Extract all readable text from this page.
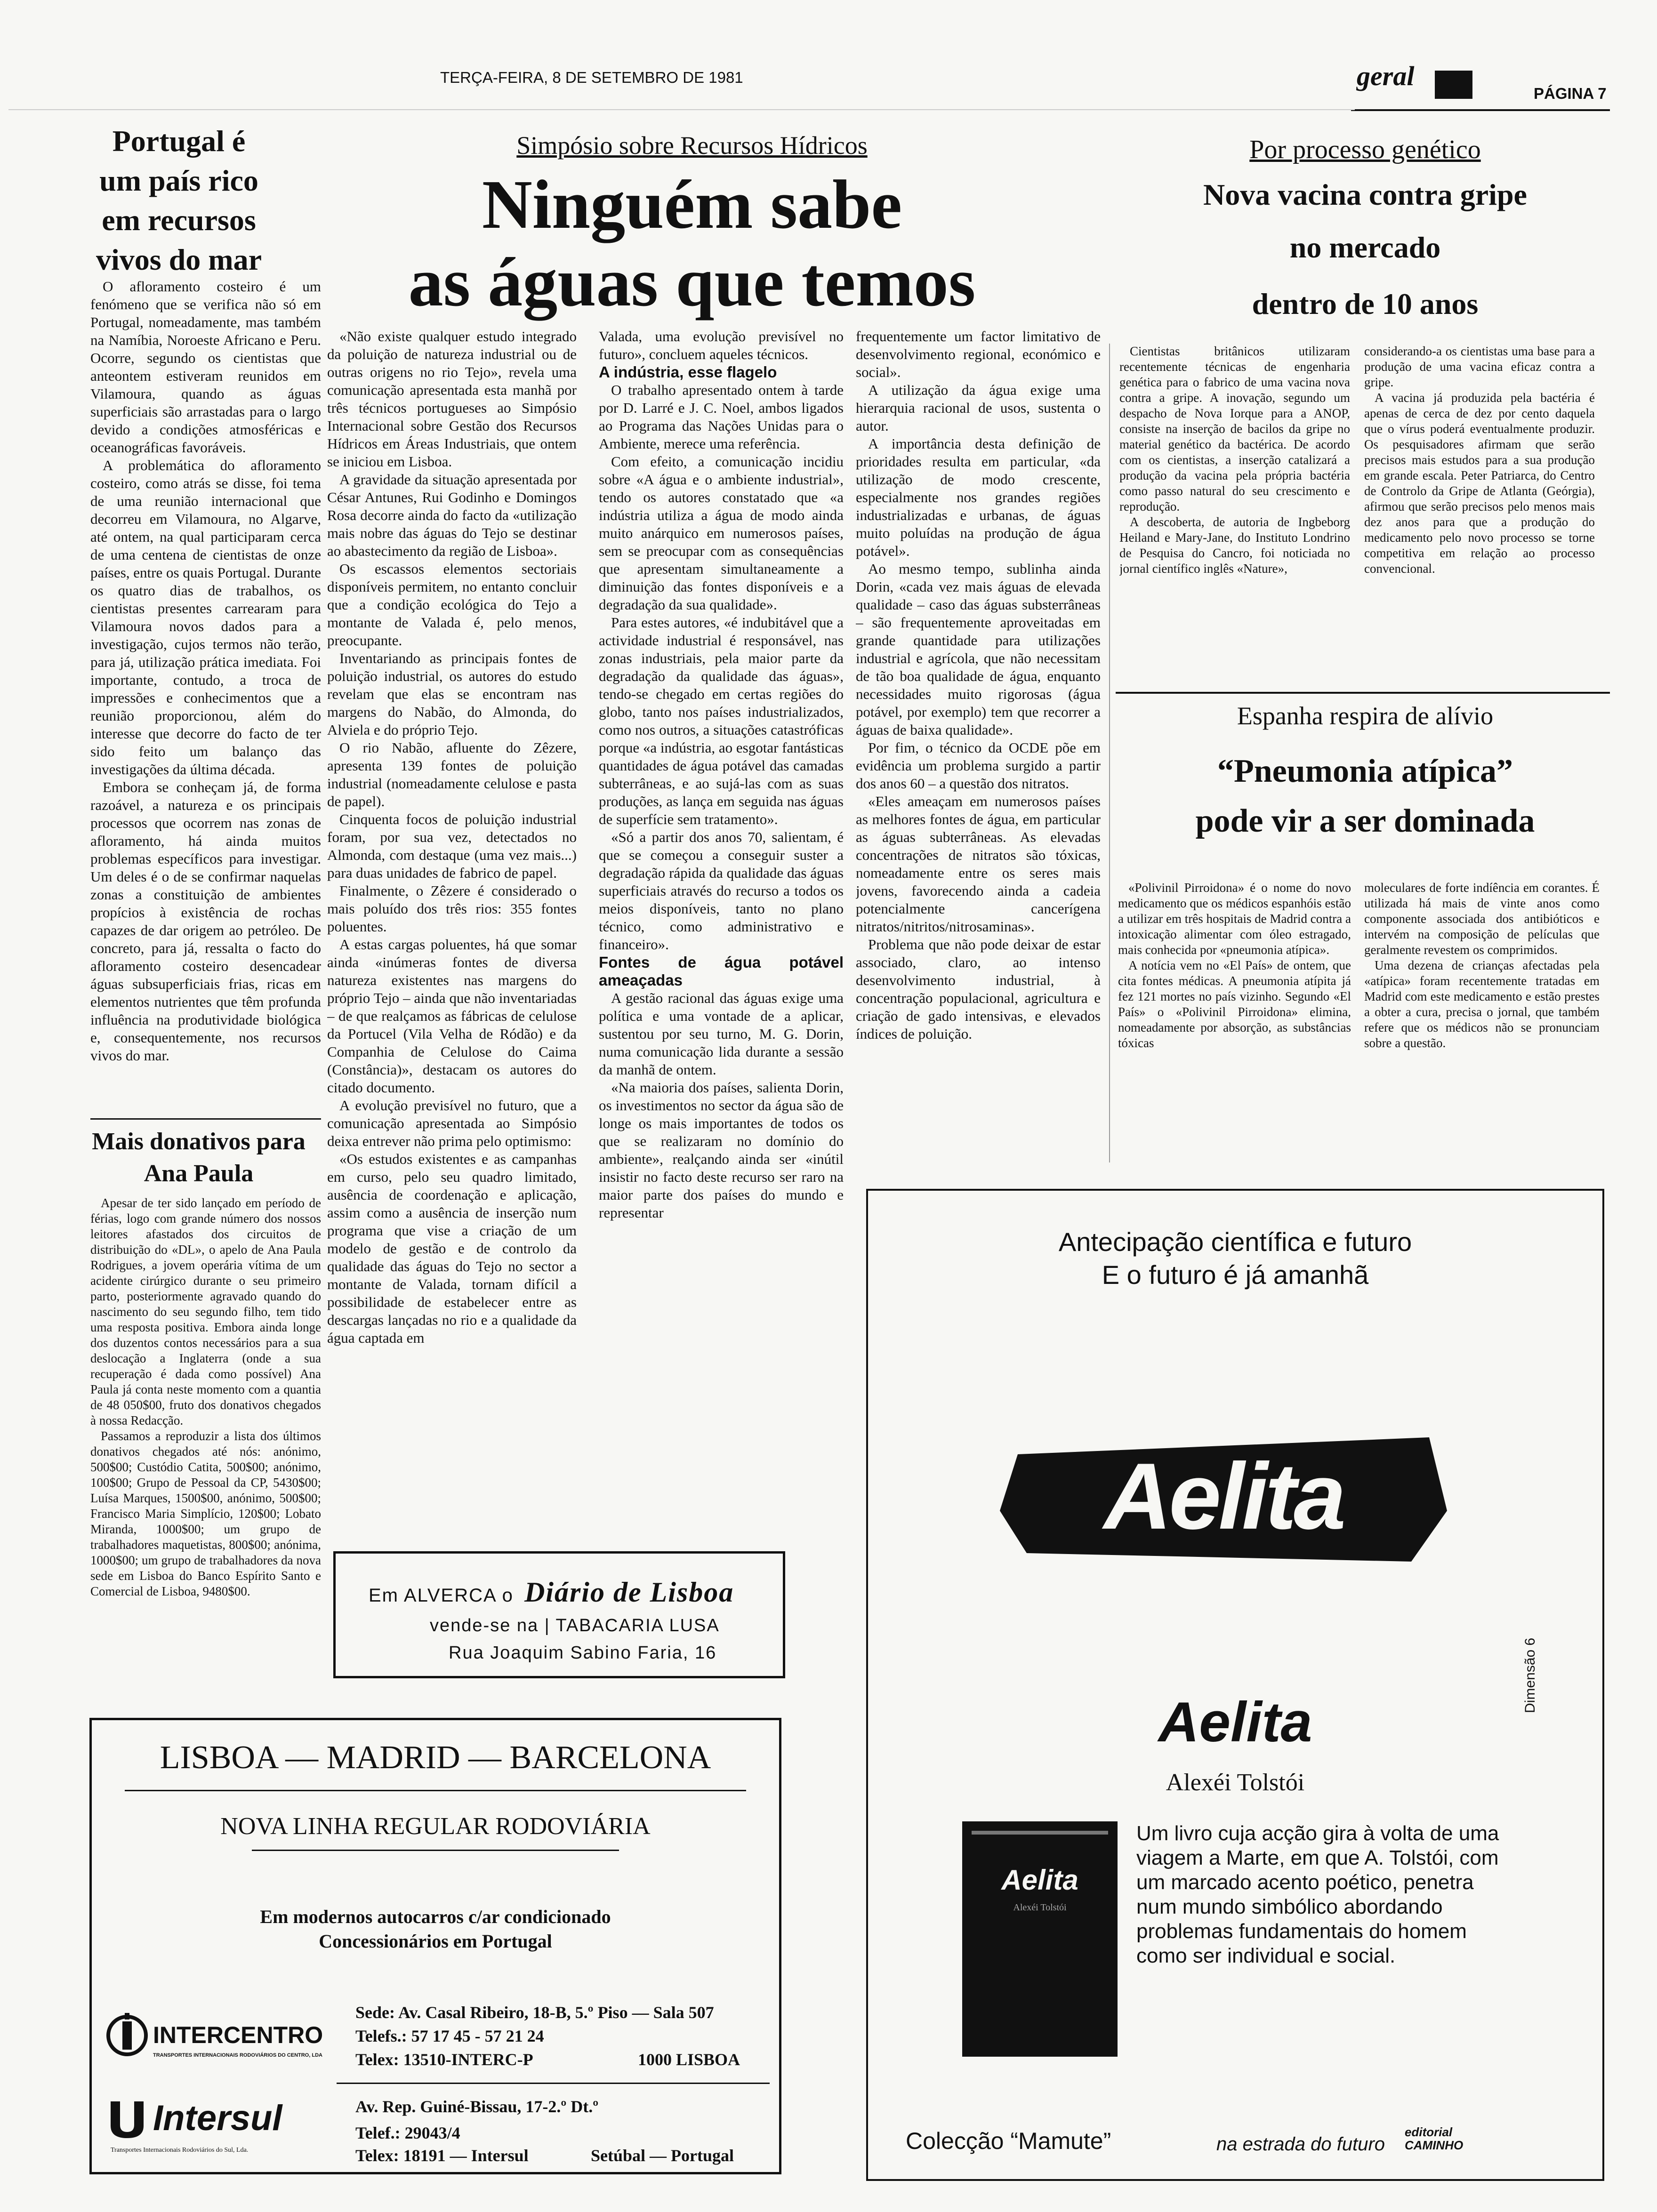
TERÇA-FEIRA, 8 DE SETEMBRO DE 1981	geral
PÁGINA 7
Portugal é um país rico em recursos vivos do mar

O afloramento costeiro é um fenómeno que se verifica não só em Portugal, nomeadamente, mas também na Namíbia, Noroeste Africano e Peru. Ocorre, segundo os cientistas que anteontem estiveram reunidos em Vilamoura, quando as águas superficiais são arrastadas para o largo devido a condições atmosféricas e oceanográficas favoráveis.

A problemática do afloramento costeiro, como atrás se disse, foi tema de uma reunião internacional que decorreu em Vilamoura, no Algarve, até ontem, na qual participaram cerca de uma centena de cientistas de onze países, entre os quais Portugal. Durante os quatro dias de trabalhos, os cientistas presentes carrearam para Vilamoura novos dados para a investigação, cujos termos não terão, para já, utilização prática imediata. Foi importante, contudo, a troca de impressões e conhecimentos que a reunião proporcionou, além do interesse que decorre do facto de ter sido feito um balanço das investigações da última década.

Embora se conheçam já, de forma razoável, a natureza e os principais processos que ocorrem nas zonas de afloramento, há ainda muitos problemas específicos para investigar. Um deles é o de se confirmar naquelas zonas a constituição de ambientes propícios à existência de rochas capazes de dar origem ao petróleo. De concreto, para já, ressalta o facto do afloramento costeiro desencadear águas subsuperficiais frias, ricas em elementos nutrientes que têm profunda influência na produtividade biológica e, consequentemente, nos recursos vivos do mar.

Mais donativos para Ana Paula

Apesar de ter sido lançado em período de férias, logo com grande número dos nossos leitores afastados dos circuitos de distribuição do «DL», o apelo de Ana Paula Rodrigues, a jovem operária vítima de um acidente cirúrgico durante o seu primeiro parto, posteriormente agravado quando do nascimento do seu segundo filho, tem tido uma resposta positiva. Embora ainda longe dos duzentos contos necessários para a sua deslocação a Inglaterra (onde a sua recuperação é dada como possível) Ana Paula já conta neste momento com a quantia de 48 050$00, fruto dos donativos chegados à nossa Redacção.

Passamos a reproduzir a lista dos últimos donativos chegados até nós: anónimo, 500$00; Custódio Catita, 500$00; anónimo, 100$00; Grupo de Pessoal da CP, 5430$00; Luísa Marques, 1500$00, anónimo, 500$00; Francisco Maria Simplício, 120$00; Lobato Miranda, 1000$00; um grupo de trabalhadores maquetistas, 800$00; anónima, 1000$00; um grupo de trabalhadores da nova sede em Lisboa do Banco Espírito Santo e Comercial de Lisboa, 9480$00.

Simpósio sobre Recursos Hídricos
Ninguém sabe
as águas que temos

«Não existe qualquer estudo integrado da poluição de natureza industrial ou de outras origens no rio Tejo», revela uma comunicação apresentada esta manhã por três técnicos portugueses ao Simpósio Internacional sobre Gestão dos Recursos Hídricos em Áreas Industriais, que ontem se iniciou em Lisboa.

A gravidade da situação apresentada por César Antunes, Rui Godinho e Domingos Rosa decorre ainda do facto da «utilização mais nobre das águas do Tejo se destinar ao abastecimento da região de Lisboa».

Os escassos elementos sectoriais disponíveis permitem, no entanto concluir que a condição ecológica do Tejo a montante de Valada é, pelo menos, preocupante.

Inventariando as principais fontes de poluição industrial, os autores do estudo revelam que elas se encontram nas margens do Nabão, do Almonda, do Alviela e do próprio Tejo.

O rio Nabão, afluente do Zêzere, apresenta 139 fontes de poluição industrial (nomeadamente celulose e pasta de papel).

Cinquenta focos de poluição industrial foram, por sua vez, detectados no Almonda, com destaque (uma vez mais...) para duas unidades de fabrico de papel.

Finalmente, o Zêzere é considerado o mais poluído dos três rios: 355 fontes poluentes.

A estas cargas poluentes, há que somar ainda «inúmeras fontes de diversa natureza existentes nas margens do próprio Tejo – ainda que não inventariadas – de que realçamos as fábricas de celulose da Portucel (Vila Velha de Ródão) e da Companhia de Celulose do Caima (Constância)», destacam os autores do citado documento.

A evolução previsível no futuro, que a comunicação apresentada ao Simpósio deixa entrever não prima pelo optimismo:

«Os estudos existentes e as campanhas em curso, pelo seu quadro limitado, ausência de coordenação e aplicação, assim como a ausência de inserção num programa que vise a criação de um modelo de gestão e de controlo da qualidade das águas do Tejo no sector a montante de Valada, tornam difícil a possibilidade de estabelecer entre as descargas lançadas no rio e a qualidade da água captada em

Valada, uma evolução previsível no futuro», concluem aqueles técnicos.

A indústria, esse flagelo

O trabalho apresentado ontem à tarde por D. Larré e J. C. Noel, ambos ligados ao Programa das Nações Unidas para o Ambiente, merece uma referência.

Com efeito, a comunicação incidiu sobre «A água e o ambiente industrial», tendo os autores constatado que «a indústria utiliza a água de modo ainda muito anárquico em numerosos países, sem se preocupar com as consequências que apresentam simultaneamente a diminuição das fontes disponíveis e a degradação da sua qualidade».

Para estes autores, «é indubitável que a actividade industrial é responsável, nas zonas industriais, pela maior parte da degradação da qualidade das águas», tendo-se chegado em certas regiões do globo, tanto nos países industrializados, como nos outros, a situações catastróficas porque «a indústria, ao esgotar fantásticas quantidades de água potável das camadas subterrâneas, e ao sujá-las com as suas produções, as lança em seguida nas águas de superfície sem tratamento».

«Só a partir dos anos 70, salientam, é que se começou a conseguir suster a degradação rápida da qualidade das águas superficiais através do recurso a todos os meios disponíveis, tanto no plano técnico, como administrativo e financeiro».

Fontes de água potável ameaçadas

A gestão racional das águas exige uma política e uma vontade de a aplicar, sustentou por seu turno, M. G. Dorin, numa comunicação lida durante a sessão da manhã de ontem.

«Na maioria dos países, salienta Dorin, os investimentos no sector da água são de longe os mais importantes de todos os que se realizaram no domínio do ambiente», realçando ainda ser «inútil insistir no facto deste recurso ser raro na maior parte dos países do mundo e representar

frequentemente um factor limitativo de desenvolvimento regional, económico e social».

A utilização da água exige uma hierarquia racional de usos, sustenta o autor.

A importância desta definição de prioridades resulta em particular, «da utilização de modo crescente, especialmente nos grandes regiões industrializadas e urbanas, de águas muito poluídas na produção de água potável».

Ao mesmo tempo, sublinha ainda Dorin, «cada vez mais águas de elevada qualidade – caso das águas substerrâneas – são frequentemente aproveitadas em grande quantidade para utilizações industrial e agrícola, que não necessitam de tão boa qualidade de água, enquanto necessidades muito rigorosas (água potável, por exemplo) tem que recorrer a águas de baixa qualidade».

Por fim, o técnico da OCDE põe em evidência um problema surgido a partir dos anos 60 – a questão dos nitratos.

«Eles ameaçam em numerosos países as melhores fontes de água, em particular as águas subterrâneas. As elevadas concentrações de nitratos são tóxicas, nomeadamente entre os seres mais jovens, favorecendo ainda a cadeia potencialmente cancerígena nitratos/nitritos/nitrosaminas».

Problema que não pode deixar de estar associado, claro, ao intenso desenvolvimento industrial, à concentração populacional, agricultura e criação de gado intensivas, e elevados índices de poluição.

Por processo genético
Nova vacina contra gripe
no mercado
dentro de 10 anos

Cientistas britânicos utilizaram recentemente técnicas de engenharia genética para o fabrico de uma vacina nova contra a gripe. A inovação, segundo um despacho de Nova Iorque para a ANOP, consiste na inserção de bacilos da gripe no material genético da bactérica. De acordo com os cientistas, a inserção catalizará a produção da vacina pela própria bactéria como passo natural do seu crescimento e reprodução.

A descoberta, de autoria de Ingbeborg Heiland e Mary-Jane, do Instituto Londrino de Pesquisa do Cancro, foi noticiada no jornal científico inglês «Nature»,

considerando-a os cientistas uma base para a produção de uma vacina eficaz contra a gripe.

A vacina já produzida pela bactéria é apenas de cerca de dez por cento daquela que o vírus poderá eventualmente produzir. Os pesquisadores afirmam que serão precisos mais estudos para a sua produção em grande escala. Peter Patriarca, do Centro de Controlo da Gripe de Atlanta (Geórgia), afirmou que serão precisos pelo menos mais dez anos para que a produção do medicamento pelo novo processo se torne competitiva em relação ao processo convencional.

Espanha respira de alívio
“Pneumonia atípica”
pode vir a ser dominada

«Polivinil Pirroidona» é o nome do novo medicamento que os médicos espanhóis estão a utilizar em três hospitais de Madrid contra a intoxicação alimentar com óleo estragado, mais conhecida por «pneumonia atípica».

A notícia vem no «El País» de ontem, que cita fontes médicas. A pneumonia atípita já fez 121 mortes no país vizinho. Segundo «El País» o «Polivinil Pirroidona» elimina, nomeadamente por absorção, as substâncias tóxicas

moleculares de forte indíência em corantes. É utilizada há mais de vinte anos como componente associada dos antibióticos e intervém na composição de películas que geralmente revestem os comprimidos.

Uma dezena de crianças afectadas pela «atípica» foram recentemente tratadas em Madrid com este medicamento e estão prestes a obter a cura, precisa o jornal, que também refere que os médicos não se pronunciam sobre a questão.

Em ALVERCA o Diário de Lisboa
vende-se na | TABACARIA LUSA
Rua Joaquim Sabino Faria, 16
LISBOA — MADRID — BARCELONA
NOVA LINHA REGULAR RODOVIÁRIA
Em modernos autocarros c/ar condicionado
Concessionários em Portugal
INTERCENTRO
TRANSPORTES INTERNACIONAIS RODOVIÁRIOS DO CENTRO, LDA
Sede: Av. Casal Ribeiro, 18-B, 5.º Piso — Sala 507
Telefs.: 57 17 45 - 57 21 24
Telex: 13510-INTERC-P	1000 LISBOA
Intersul
Transportes Internacionais Rodoviários do Sul, Lda.
Av. Rep. Guiné-Bissau, 17-2.º Dt.º
Telef.: 29043/4
Telex: 18191 — Intersul	Setúbal — Portugal
Antecipação científica e futuro
E o futuro é já amanhã
Aelita
Dimensão 6
Aelita
Alexéi Tolstói
Aelita
Alexéi Tolstói
Um livro cuja acção gira à volta de uma viagem a Marte, em que A. Tolstói, com um marcado acento poético, penetra num mundo simbólico abordando problemas fundamentais do homem como ser individual e social.
Colecção “Mamute”	na estrada do futuro
editorial CAMINHO
